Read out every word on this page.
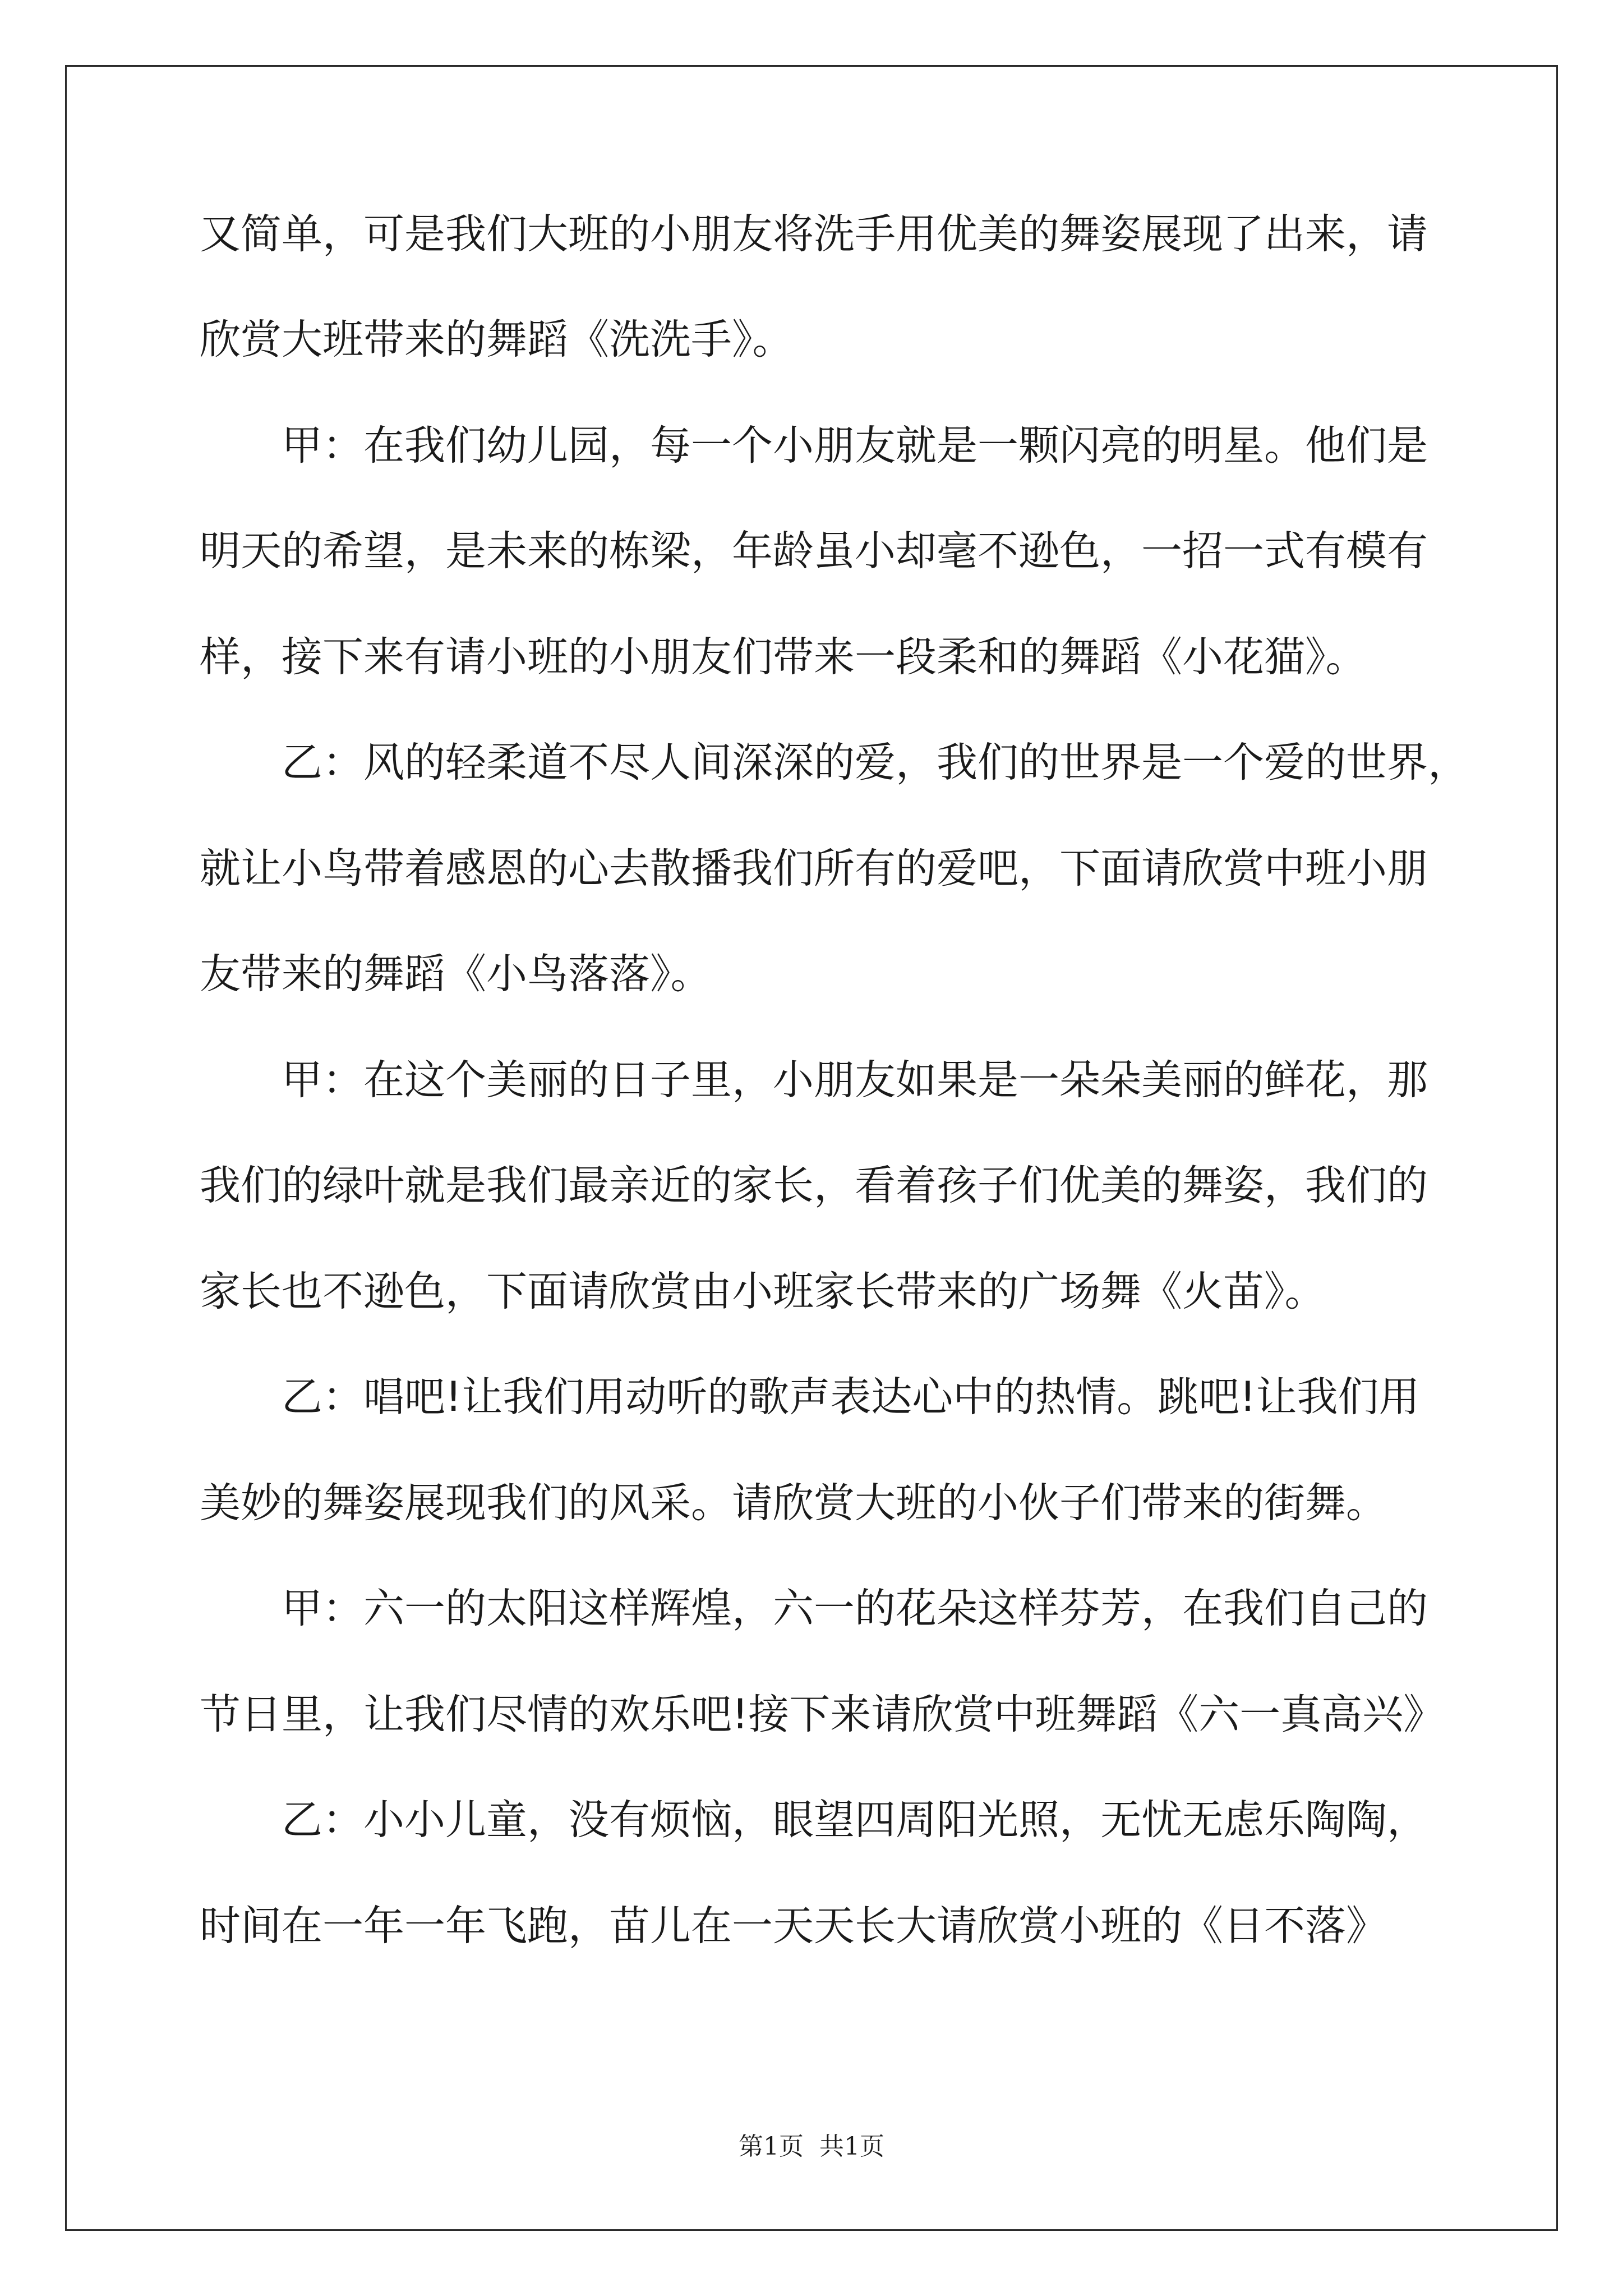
又简单，可是我们大班的小朋友将洗手用优美的舞姿展现了出来，请
欣赏大班带来的舞蹈《洗洗手》。
甲：在我们幼儿园，每一个小朋友就是一颗闪亮的明星。他们是
明天的希望，是未来的栋梁，年龄虽小却毫不逊色，一招一式有模有
样，接下来有请小班的小朋友们带来一段柔和的舞蹈《小花猫》。
乙：风的轻柔道不尽人间深深的爱，我们的世界是一个爱的世界，
就让小鸟带着感恩的心去散播我们所有的爱吧，下面请欣赏中班小朋
友带来的舞蹈《小鸟落落》。
甲：在这个美丽的日子里，小朋友如果是一朵朵美丽的鲜花，那
我们的绿叶就是我们最亲近的家长，看着孩子们优美的舞姿，我们的
家长也不逊色，下面请欣赏由小班家长带来的广场舞《火苗》。
乙：唱吧!让我们用动听的歌声表达心中的热情。跳吧!让我们用
美妙的舞姿展现我们的风采。请欣赏大班的小伙子们带来的街舞。
甲：六一的太阳这样辉煌，六一的花朵这样芬芳，在我们自己的
节日里，让我们尽情的欢乐吧!接下来请欣赏中班舞蹈《六一真高兴》
乙：小小儿童，没有烦恼，眼望四周阳光照，无忧无虑乐陶陶，
时间在一年一年飞跑，苗儿在一天天长大请欣赏小班的《日不落》
第1页 共1页
